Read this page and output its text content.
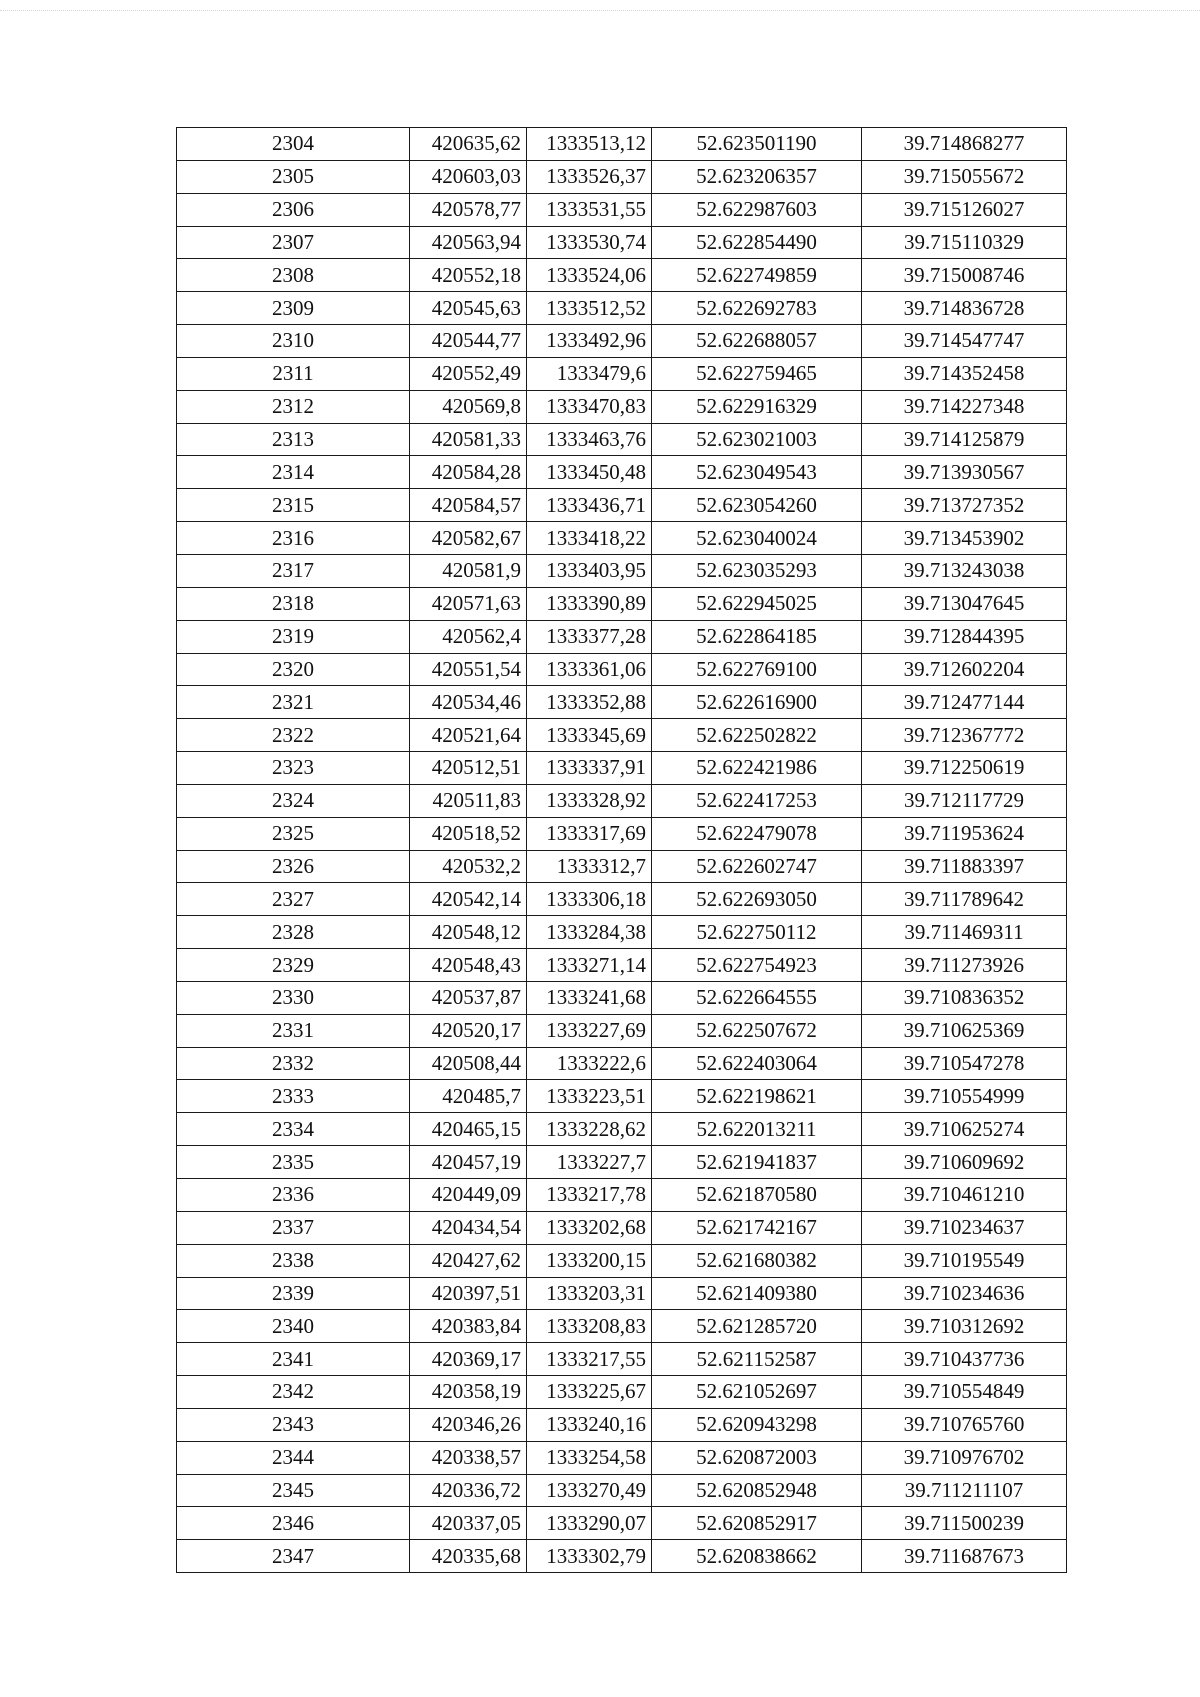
2304	420635,62	1333513,12	52.623501190	39.714868277
2305	420603,03	1333526,37	52.623206357	39.715055672
2306	420578,77	1333531,55	52.622987603	39.715126027
2307	420563,94	1333530,74	52.622854490	39.715110329
2308	420552,18	1333524,06	52.622749859	39.715008746
2309	420545,63	1333512,52	52.622692783	39.714836728
2310	420544,77	1333492,96	52.622688057	39.714547747
2311	420552,49	1333479,6	52.622759465	39.714352458
2312	420569,8	1333470,83	52.622916329	39.714227348
2313	420581,33	1333463,76	52.623021003	39.714125879
2314	420584,28	1333450,48	52.623049543	39.713930567
2315	420584,57	1333436,71	52.623054260	39.713727352
2316	420582,67	1333418,22	52.623040024	39.713453902
2317	420581,9	1333403,95	52.623035293	39.713243038
2318	420571,63	1333390,89	52.622945025	39.713047645
2319	420562,4	1333377,28	52.622864185	39.712844395
2320	420551,54	1333361,06	52.622769100	39.712602204
2321	420534,46	1333352,88	52.622616900	39.712477144
2322	420521,64	1333345,69	52.622502822	39.712367772
2323	420512,51	1333337,91	52.622421986	39.712250619
2324	420511,83	1333328,92	52.622417253	39.712117729
2325	420518,52	1333317,69	52.622479078	39.711953624
2326	420532,2	1333312,7	52.622602747	39.711883397
2327	420542,14	1333306,18	52.622693050	39.711789642
2328	420548,12	1333284,38	52.622750112	39.711469311
2329	420548,43	1333271,14	52.622754923	39.711273926
2330	420537,87	1333241,68	52.622664555	39.710836352
2331	420520,17	1333227,69	52.622507672	39.710625369
2332	420508,44	1333222,6	52.622403064	39.710547278
2333	420485,7	1333223,51	52.622198621	39.710554999
2334	420465,15	1333228,62	52.622013211	39.710625274
2335	420457,19	1333227,7	52.621941837	39.710609692
2336	420449,09	1333217,78	52.621870580	39.710461210
2337	420434,54	1333202,68	52.621742167	39.710234637
2338	420427,62	1333200,15	52.621680382	39.710195549
2339	420397,51	1333203,31	52.621409380	39.710234636
2340	420383,84	1333208,83	52.621285720	39.710312692
2341	420369,17	1333217,55	52.621152587	39.710437736
2342	420358,19	1333225,67	52.621052697	39.710554849
2343	420346,26	1333240,16	52.620943298	39.710765760
2344	420338,57	1333254,58	52.620872003	39.710976702
2345	420336,72	1333270,49	52.620852948	39.711211107
2346	420337,05	1333290,07	52.620852917	39.711500239
2347	420335,68	1333302,79	52.620838662	39.711687673
